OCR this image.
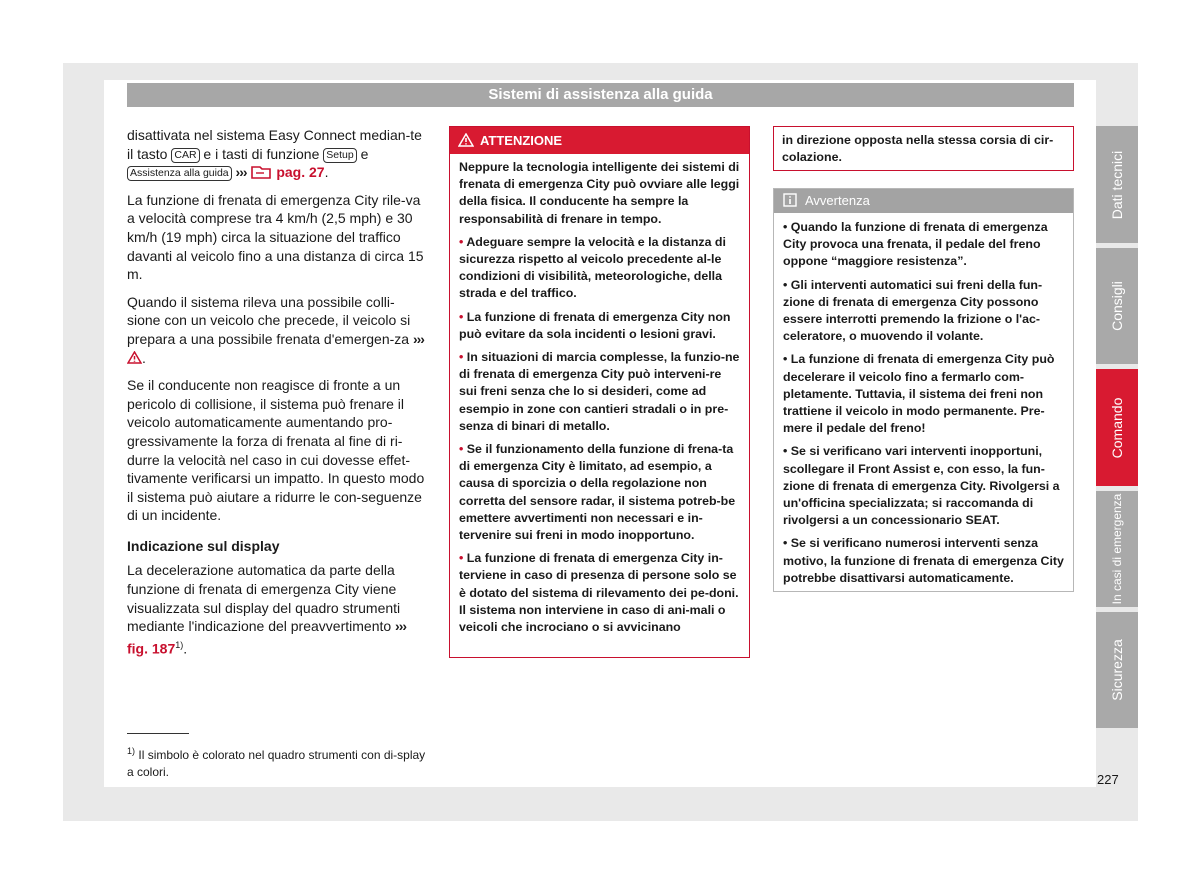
Sistemi di assistenza alla guida

disattivata nel sistema Easy Connect median-te il tasto CAR e i tasti di funzione Setup e Assistenza alla guida ››› pag. 27.

La funzione di frenata di emergenza City rile-va a velocità comprese tra 4 km/h (2,5 mph) e 30 km/h (19 mph) circa la situazione del traffico davanti al veicolo fino a una distanza di circa 15 m.

Quando il sistema rileva una possibile colli-sione con un veicolo che precede, il veicolo si prepara a una possibile frenata d'emergen-za ››› .

Se il conducente non reagisce di fronte a un pericolo di collisione, il sistema può frenare il veicolo automaticamente aumentando pro-gressivamente la forza di frenata al fine di ri-durre la velocità nel caso in cui dovesse effet-tivamente verificarsi un impatto. In questo modo il sistema può aiutare a ridurre le con-seguenze di un incidente.

Indicazione sul display

La decelerazione automatica da parte della funzione di frenata di emergenza City viene visualizzata sul display del quadro strumenti mediante l'indicazione del preavvertimento ››› fig. 187$^{1)}$.

$^{1)}$ Il simbolo è colorato nel quadro strumenti con di-splay a colori.
ATTENZIONE

Neppure la tecnologia intelligente dei sistemi di frenata di emergenza City può ovviare alle leggi della fisica. Il conducente ha sempre la responsabilità di frenare in tempo.

• Adeguare sempre la velocità e la distanza di sicurezza rispetto al veicolo precedente al-le condizioni di visibilità, meteorologiche, della strada e del traffico.

• La funzione di frenata di emergenza City non può evitare da sola incidenti o lesioni gravi.

• In situazioni di marcia complesse, la funzio-ne di frenata di emergenza City può interveni-re sui freni senza che lo si desideri, come ad esempio in zone con cantieri stradali o in pre-senza di binari di metallo.

• Se il funzionamento della funzione di frena-ta di emergenza City è limitato, ad esempio, a causa di sporcizia o della regolazione non corretta del sensore radar, il sistema potreb-be emettere avvertimenti non necessari e in-tervenire sui freni in modo inopportuno.

• La funzione di frenata di emergenza City in-terviene in caso di presenza di persone solo se è dotato del sistema di rilevamento dei pe-doni. Il sistema non interviene in caso di ani-mali o veicoli che incrociano o si avvicinano

in direzione opposta nella stessa corsia di cir-colazione.
Avvertenza

• Quando la funzione di frenata di emergenza City provoca una frenata, il pedale del freno oppone “maggiore resistenza”.

• Gli interventi automatici sui freni della fun-zione di frenata di emergenza City possono essere interrotti premendo la frizione o l'ac-celeratore, o muovendo il volante.

• La funzione di frenata di emergenza City può decelerare il veicolo fino a fermarlo com-pletamente. Tuttavia, il sistema dei freni non trattiene il veicolo in modo permanente. Pre-mere il pedale del freno!

• Se si verificano vari interventi inopportuni, scollegare il Front Assist e, con esso, la fun-zione di frenata di emergenza City. Rivolgersi a un'officina specializzata; si raccomanda di rivolgersi a un concessionario SEAT.

• Se si verificano numerosi interventi senza motivo, la funzione di frenata di emergenza City potrebbe disattivarsi automaticamente.

Dati tecnici
Consigli
Comando
In casi di emergenza
Sicurezza
227
